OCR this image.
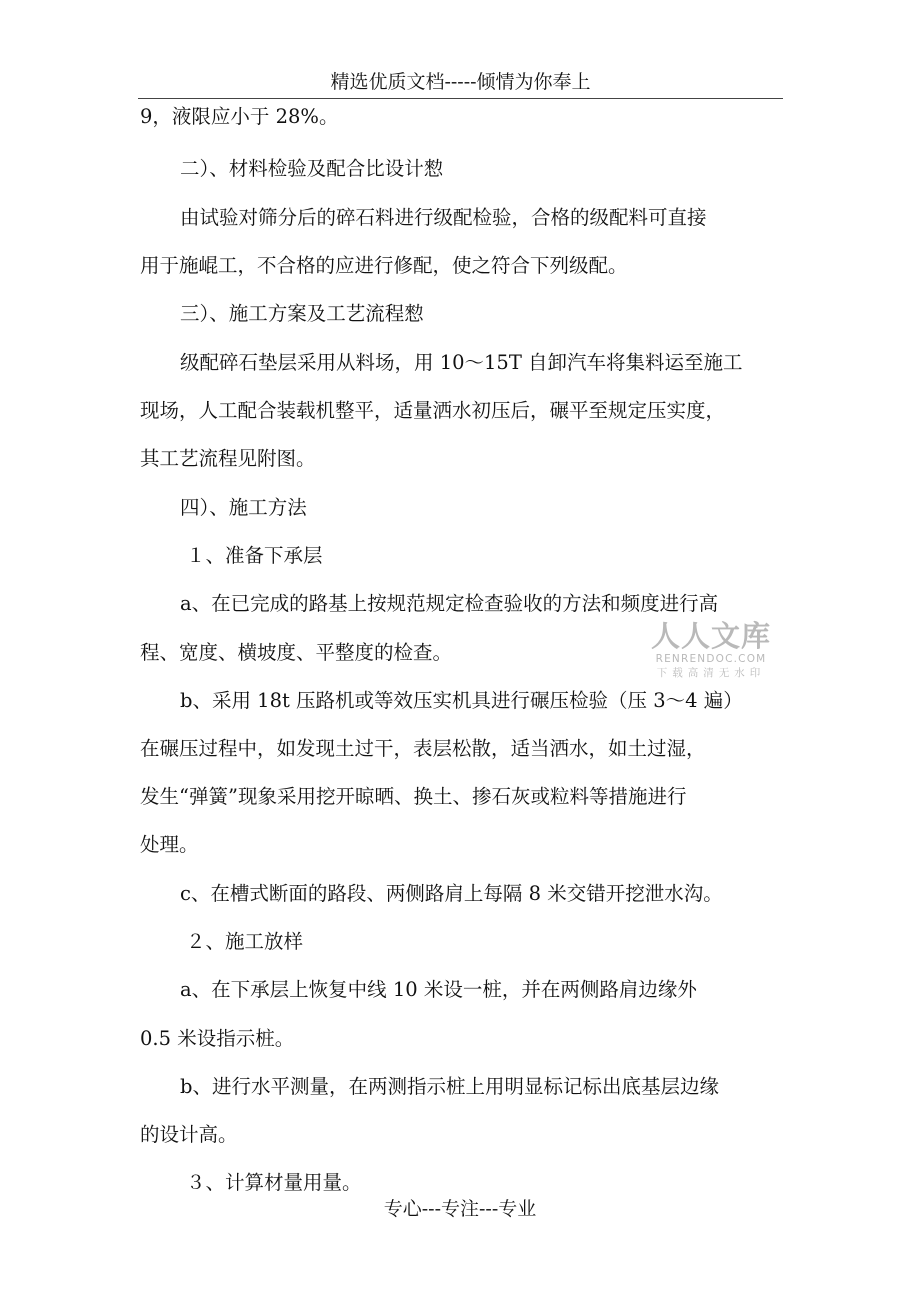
精选优质文档-----倾情为你奉上
9，液限应小于 28%。
二）、材料检验及配合比设计愸
由试验对筛分后的碎石料进行级配检验，合格的级配料可直接
用于施崐工，不合格的应进行修配，使之符合下列级配。
三）、施工方案及工艺流程愸
级配碎石垫层采用从料场，用 10～15T 自卸汽车将集料运至施工
现场，人工配合装载机整平，适量洒水初压后，碾平至规定压实度，
其工艺流程见附图。
四）、施工方法
１、准备下承层
a、在已完成的路基上按规范规定检查验收的方法和频度进行高
程、宽度、横坡度、平整度的检查。
b、采用 18t 压路机或等效压实机具进行碾压检验（压 3～4 遍）
在碾压过程中，如发现土过干，表层松散，适当洒水，如土过湿，
发生“弹簧”现象采用挖开晾晒、换土、掺石灰或粒料等措施进行
处理。
c、在槽式断面的路段、两侧路肩上每隔 8 米交错开挖泄水沟。
２、施工放样
a、在下承层上恢复中线 10 米设一桩，并在两侧路肩边缘外
0.5 米设指示桩。
b、进行水平测量，在两测指示桩上用明显标记标出底基层边缘
的设计高。
３、计算材量用量。
人人文库
RENRENDOC.COM
下载高清无水印
专心---专注---专业
